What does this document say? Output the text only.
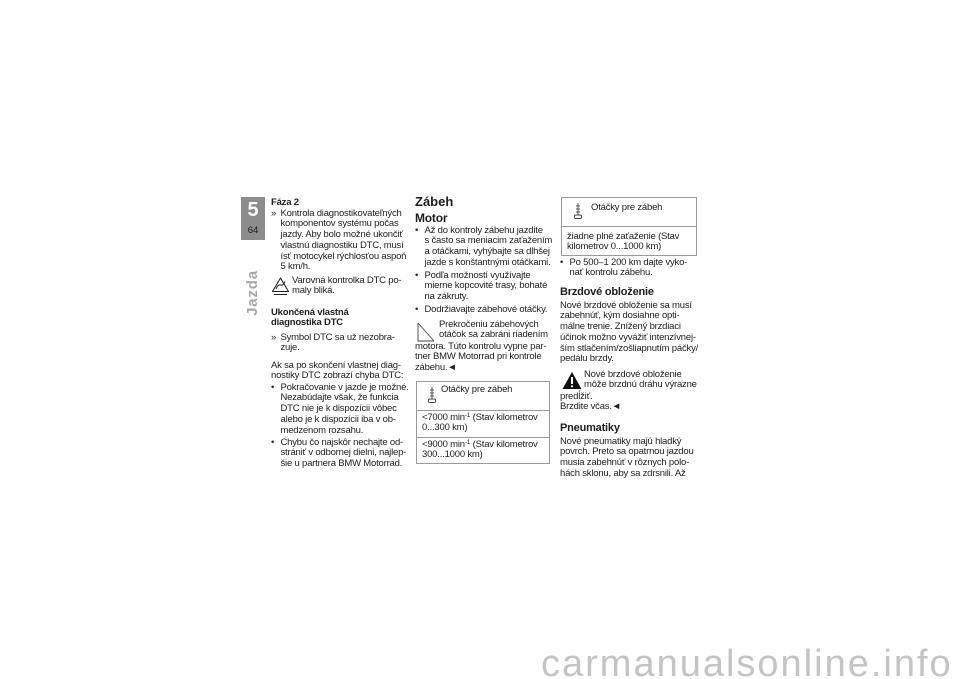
5
64
Jazda
Fáza 2
» Kontrola diagnostikovateľných
komponentov systému počas
jazdy. Aby bolo možné ukončiť
vlastnú diagnostiku DTC, musí
ísť motocykel rýchlosťou aspoň
5 km/h.
Varovná kontrolka DTC po-
maly bliká.
Ukončená vlastná
diagnostika DTC
» Symbol DTC sa už nezobra-
zuje.
Ak sa po skončení vlastnej diag-
nostiky DTC zobrazí chyba DTC:
• Pokračovanie v jazde je možné.
Nezabúdajte však, že funkcia
DTC nie je k dispozícii vôbec
alebo je k dispozícii iba v ob-
medzenom rozsahu.
• Chybu čo najskôr nechajte od-
strániť v odbornej dielni, najlep-
šie u partnera BMW Motorrad.
Zábeh
Motor
• Až do kontroly zábehu jazdite
s často sa meniacim zaťažením
a otáčkami, vyhýbajte sa dlhšej
jazde s konštantnými otáčkami.
• Podľa možností využívajte
mierne kopcovité trasy, bohaté
na zákruty.
• Dodržiavajte zábehové otáčky.
Prekročeniu zábehových
otáčok sa zabráni riadením
motora. Túto kontrolu vypne par-
tner BMW Motorrad pri kontrole
zábehu.◄
Otáčky pre zábeh
<7000 $\min^{-1}$ (Stav kilometrov
0...300 km)
<9000 $\min^{-1}$ (Stav kilometrov
300...1000 km)
Otáčky pre zábeh
žiadne plné zaťaženie (Stav
kilometrov 0...1000 km)
• Po 500–1 200 km dajte vyko-
nať kontrolu zábehu.
Brzdové obloženie
Nové brzdové obloženie sa musí
zabehnúť, kým dosiahne opti-
málne trenie. Znížený brzdiaci
účinok možno vyvážiť intenzívnej-
ším stlačením/zošliapnutím páčky/
pedálu brzdy.
Nové brzdové obloženie
môže brzdnú dráhu výrazne
predĺžiť.
Brzdite včas.◄
Pneumatiky
Nové pneumatiky majú hladký
povrch. Preto sa opatrnou jazdou
musia zabehnúť v rôznych polo-
hách sklonu, aby sa zdrsnili. Až
carmanualsonline.info
